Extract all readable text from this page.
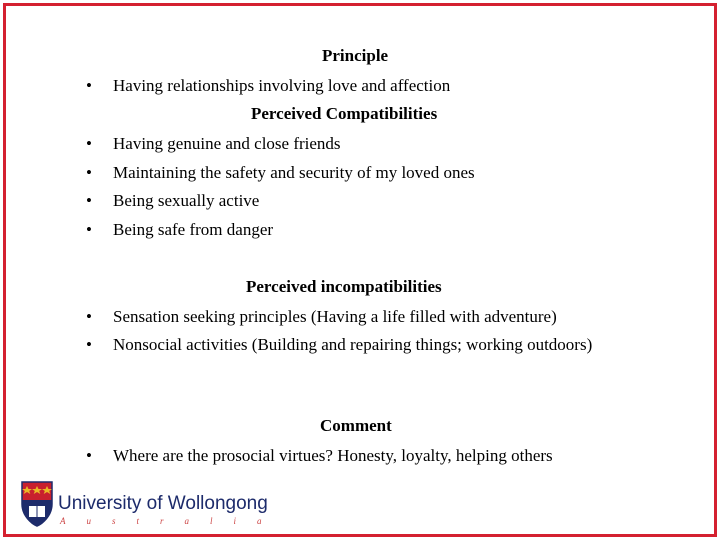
Principle
• Having relationships involving love and affection
Perceived Compatibilities
• Having genuine and close friends
• Maintaining the safety and security of my loved ones
• Being sexually active
• Being safe from danger
Perceived incompatibilities
• Sensation seeking principles (Having a life filled with adventure)
• Nonsocial activities (Building and repairing things; working outdoors)
Comment
• Where are the prosocial virtues? Honesty, loyalty, helping others
University of Wollongong
Australia
